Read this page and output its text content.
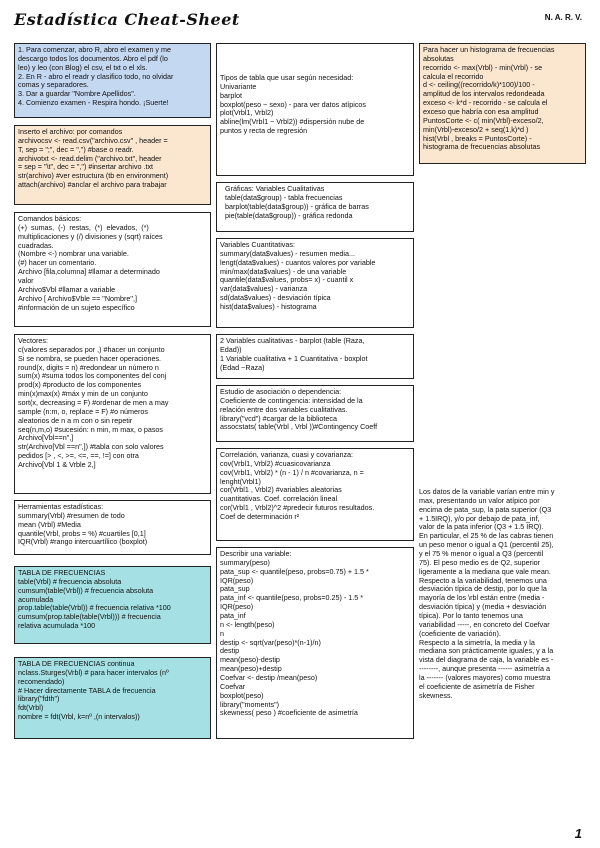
Estadística Cheat-Sheet	N. A. R. V.
1. Para comenzar, abro R, abro el examen y me
descargo todos los documentos. Abro el pdf (lo
leo) y leo (con Blog) el csv, el txt o el xls.
2. En R - abro el readr y clasifico todo, no olvidar
comas y separadores.
3. Dar a guardar "Nombre Apellidos".
4. Comienzo examen - Respira hondo. ¡Suerte!
Inserto el archivo: por comandos
archivocsv <- read.csv("archivo.csv" , header =
T, sep = ";", dec = ",") #base o readr.
archivotxt <- read.delim ("archivo.txt", header
= sep = "\t", dec = ",") #insertar archivo .txt
str(archivo) #ver estructura (tb en environment)
attach(archivo) #anclar el archivo para trabajar
Comandos básicos:
(+)  sumas,  (-)  restas,  (*)  elevados,  (*)
multiplicaciones y (/) divisiones y (sqrt) raíces
cuadradas.
(Nombre <-) nombrar una variable.
(#) hacer un comentario.
Archivo [fila,columna] #llamar a determinado
valor
Archivo$Vbl #llamar a variable
Archivo [ Archivo$Vble == "Nombre",]
#información de un sujeto específico
Vectores:
c(valores separados por ,) #hacer un conjunto
Si se nombra, se pueden hacer operaciones.
round(x, digits = n) #redondear un número n
sum(x) #suma todos los componentes del conj
prod(x) #producto de los componentes
min(x)max(x) #máx y min de un conjunto
sort(x, decreasing = F) #ordenar de men a may
sample (n:m, o, replace = F) #o números
aleatorios de n a m con o sin repetir
seq(n,m,o) #sucesión: n min, m max, o pasos
Archivo[Vbl==n",]
str(Archivo[Vbl ==n",]) #tabla con solo valores
pedidos [> , <, >=, <=, ==, !=] con otra
Archivo[Vbl 1 & Vrble 2,]
Herramientas estadísticas:
summary(Vrbl) #resumen de todo
mean (Vrbl) #Media
quantile(Vrbl, probs = %) #cuartiles [0,1]
IQR(Vrbl) #rango intercuartílico (boxplot)
TABLA DE FRECUENCIAS
table(Vrbl) # frecuencia absoluta
cumsum(table(Vrbl)) # frecuencia absoluta
acumulada
prop.table(table(Vrbl)) # frecuencia relativa *100
cumsum(prop.table(table(Vrbl))) # frecuencia
relativa acumulada *100
TABLA DE FRECUENCIAS continua
nclass.Sturges(Vrbl) # para hacer intervalos (nº
recomendado)
# Hacer directamente TABLA de frecuencia
library("fdth")
fdt(Vrbl)
nombre = fdt(Vrbl, k=nº ,(n intervalos))
Tipos de tabla que usar según necesidad:
Univariante
barplot
boxplot(peso ~ sexo) - para ver datos atípicos
plot(Vrbl1, Vrbl2)
abline(lm(Vrbl1 ~ Vrbl2)) #dispersión nube de
puntos y recta de regresión
Gráficas: Variables Cualitativas
table(data$group) - tabla frecuencias
barplot(table(data$group)) - gráfica de barras
pie(table(data$group)) - gráfica redonda
Variables Cuantitativas:
summary(data$values) - resumen media...
lengt(data$values) - cuantos valores por variable
min/max(data$values) - de una variable
quantile(data$values, probs= x) - cuantil x
var(data$values) - varianza
sd(data$values) - desviación típica
hist(data$values) - histograma
2 Variables cualitativas - barplot (table (Raza,
Edad))
1 Variable cualitativa + 1 Cuantitativa - boxplot
(Edad ~Raza)
Estudio de asociación o dependencia:
Coeficiente de contingencia: intensidad de la
relación entre dos variables cualitativas.
library("vcd") #cargar de la biblioteca
assocstats( table(Vrbl , Vrbl ))#Contingency Coeff
Correlación, varianza, cuasi y covarianza:
cov(Vrbl1, Vrbl2) #cuasicovarianza
cov(Vrbl1, Vrbl2) * (n - 1) / n #covarianza, n =
lenght(Vrbl1)
cor(Vrbl1 , Vrbl2) #variables aleatorias
cuantitativas. Coef. correlación lineal
cor(Vrbl1 , Vrbl2)^2 #predecir futuros resultados.
Coef de determinación r²
Describir una variable:
summary(peso)
pata_sup <- quantile(peso, probs=0.75) + 1.5 *
IQR(peso)
pata_sup
pata_inf <- quantile(peso, probs=0.25) - 1.5 *
IQR(peso)
pata_inf
n <- length(peso)
n
destip <- sqrt(var(peso)*(n-1)/n)
destip
mean(peso)-destip
mean(peso)+destip
Coefvar <- destip /mean(peso)
Coefvar
boxplot(peso)
library("moments")
skewness( peso ) #coeficiente de asimetría
Para hacer un histograma de frecuencias
absolutas
recorrido <- max(Vrbl) - min(Vrbl) - se
calcula el recorrido
d <- ceiling((recorrido/k)*100)/100 -
amplitud de los intervalos redondeada
exceso <- k*d - recorrido - se calcula el
exceso que habría con esa amplitud
PuntosCorte <- c( min(Vrbl)-exceso/2,
min(Vrbl)-exceso/2 + seq(1,k)*d )
hist(Vrbl , breaks = PuntosCorte) -
histograma de frecuencias absolutas
Los datos de la variable varían entre min y
max, presentando un valor atípico por
encima de pata_sup, la pata superior (Q3
+ 1.5IRQ), y/o por debajo de pata_inf,
valor de la pata inferior (Q3 + 1.5 IRQ).
En particular, el 25 % de las cabras tienen
un peso menor o igual a Q1 (percentil 25),
y el 75 % menor o igual a Q3 (percentil
75). El peso medio es de Q2, superior
ligeramente a la mediana que vale mean.
Respecto a la variabilidad, tenemos una
desviación típica de destip, por lo que la
mayoría de los \rbl están entre (media -
desviación típica) y (media + desviación
típica). Por lo tanto tenemos una
variabilidad -----, en concreto del Coefvar
(coeficiente de variación).
Respecto a la simetría, la media y la
mediana son prácticamente iguales, y a la
vista del diagrama de caja, la variable es -
--------, aunque presenta ------ asimetría a
la ------- (valores mayores) como muestra
el coeficiente de asimetría de Fisher
skewness.
1
